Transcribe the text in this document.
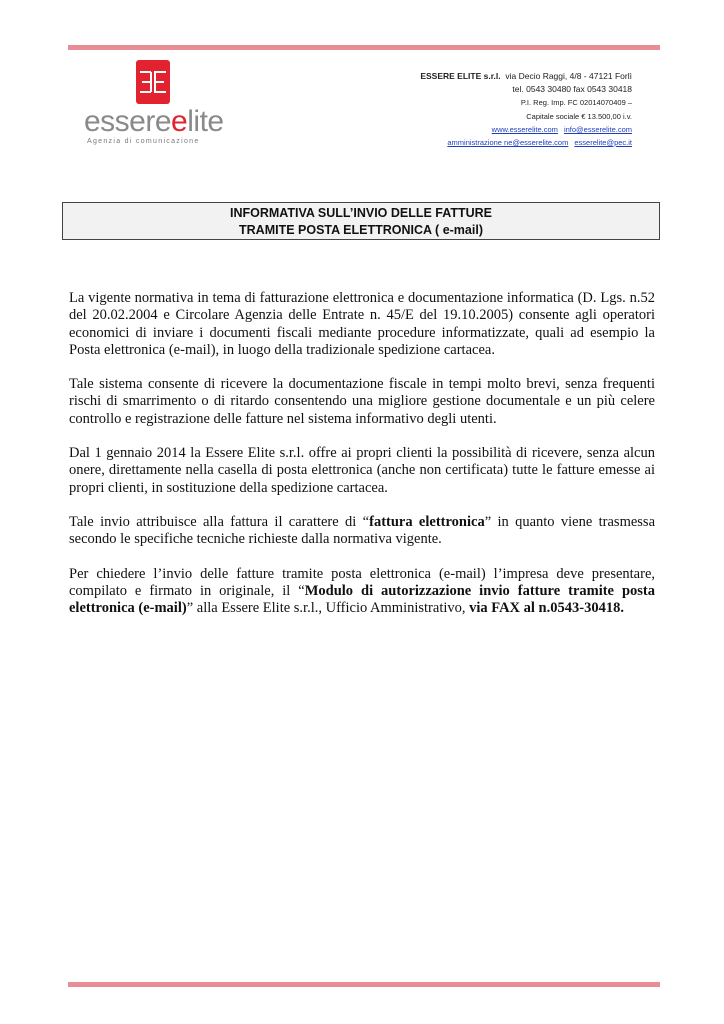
essereelite
Agenzia di comunicazione
ESSERE ELITE s.r.l. via Decio Raggi, 4/8 - 47121 Forlì
tel. 0543 30480 fax 0543 30418
P.I. Reg. Imp. FC 02014070409 –
Capitale sociale € 13.500,00 i.v.
www.esserelite.com info@esserelite.com
amministrazione ne@esserelite.com esserelite@pec.it
INFORMATIVA SULL’INVIO DELLE FATTURE
TRAMITE POSTA ELETTRONICA ( e-mail)

La vigente normativa in tema di fatturazione elettronica e documentazione informatica (D. Lgs. n.52 del 20.02.2004 e Circolare Agenzia delle Entrate n. 45/E del 19.10.2005) consente agli operatori economici di inviare i documenti fiscali mediante procedure informatizzate, quali ad esempio la Posta elettronica (e-mail), in luogo della tradizionale spedizione cartacea.

Tale sistema consente di ricevere la documentazione fiscale in tempi molto brevi, senza frequenti rischi di smarrimento o di ritardo consentendo una migliore gestione documentale e un più celere controllo e registrazione delle fatture nel sistema informativo degli utenti.

Dal 1 gennaio 2014 la Essere Elite s.r.l. offre ai propri clienti la possibilità di ricevere, senza alcun onere, direttamente nella casella di posta elettronica (anche non certificata) tutte le fatture emesse ai propri clienti, in sostituzione della spedizione cartacea.

Tale invio attribuisce alla fattura il carattere di “fattura elettronica” in quanto viene trasmessa secondo le specifiche tecniche richieste dalla normativa vigente.

Per chiedere l’invio delle fatture tramite posta elettronica (e-mail) l’impresa deve presentare, compilato e firmato in originale, il “Modulo di autorizzazione invio fatture tramite posta elettronica (e-mail)” alla Essere Elite s.r.l., Ufficio Amministrativo, via FAX al n.0543-30418.
